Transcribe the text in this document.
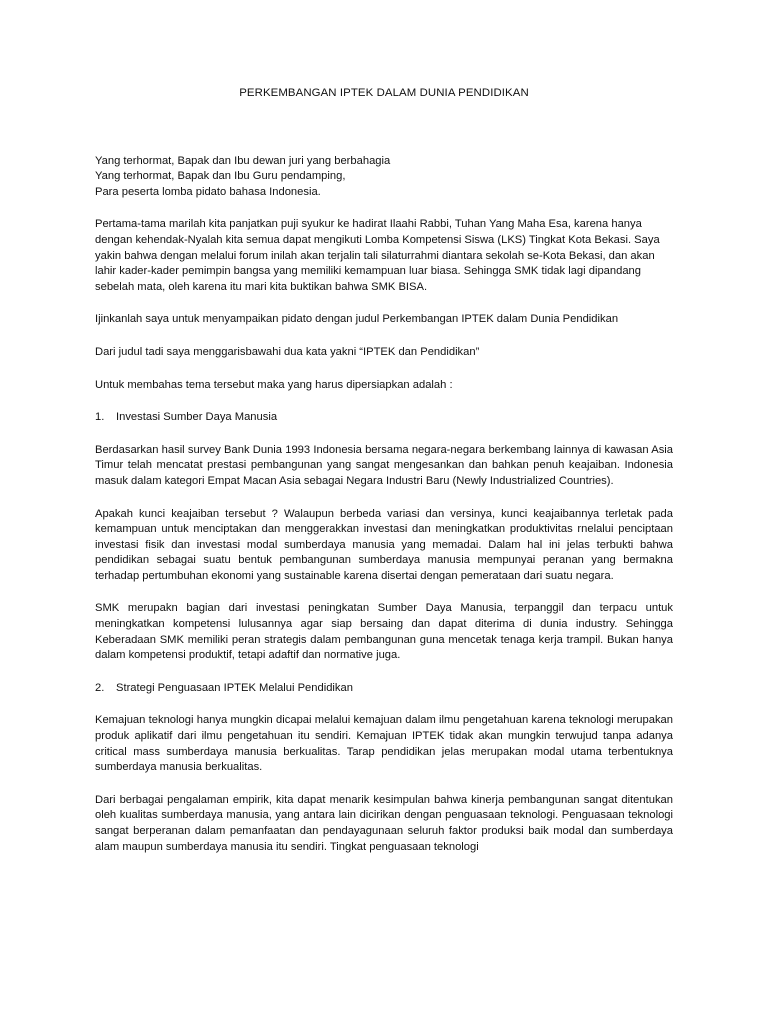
PERKEMBANGAN IPTEK DALAM DUNIA PENDIDIKAN
Yang terhormat, Bapak dan Ibu dewan juri yang berbahagia
Yang terhormat, Bapak dan Ibu Guru pendamping,
Para peserta lomba pidato bahasa Indonesia.

Pertama-tama marilah kita panjatkan puji syukur ke hadirat Ilaahi Rabbi, Tuhan Yang Maha Esa, karena hanya dengan kehendak-Nyalah kita semua dapat mengikuti Lomba Kompetensi Siswa (LKS) Tingkat Kota Bekasi. Saya yakin bahwa dengan melalui forum inilah akan terjalin tali silaturrahmi diantara sekolah se-Kota Bekasi, dan akan lahir kader-kader pemimpin bangsa yang memiliki kemampuan luar biasa. Sehingga SMK tidak lagi dipandang sebelah mata, oleh karena itu mari kita buktikan bahwa SMK BISA.

Ijinkanlah saya untuk menyampaikan pidato dengan judul Perkembangan IPTEK dalam Dunia Pendidikan

Dari judul tadi saya menggarisbawahi dua kata yakni “IPTEK dan Pendidikan”

Untuk membahas tema tersebut maka yang harus dipersiapkan adalah :

1. Investasi Sumber Daya Manusia

Berdasarkan hasil survey Bank Dunia 1993 Indonesia bersama negara-negara berkembang lainnya di kawasan Asia Timur telah mencatat prestasi pembangunan yang sangat mengesankan dan bahkan penuh keajaiban. Indonesia masuk dalam kategori Empat Macan Asia sebagai Negara Industri Baru (Newly Industrialized Countries).

Apakah kunci keajaiban tersebut ? Walaupun berbeda variasi dan versinya, kunci keajaibannya terletak pada kemampuan untuk menciptakan dan menggerakkan investasi dan meningkatkan produktivitas rnelalui penciptaan investasi fisik dan investasi modal sumberdaya manusia yang memadai. Dalam hal ini jelas terbukti bahwa pendidikan sebagai suatu bentuk pembangunan sumberdaya manusia mempunyai peranan yang bermakna terhadap pertumbuhan ekonomi yang sustainable karena disertai dengan pemerataan dari suatu negara.

SMK merupakn bagian dari investasi peningkatan Sumber Daya Manusia, terpanggil dan terpacu untuk meningkatkan kompetensi lulusannya agar siap bersaing dan dapat diterima di dunia industry. Sehingga Keberadaan SMK memiliki peran strategis dalam pembangunan guna mencetak tenaga kerja trampil. Bukan hanya dalam kompetensi produktif, tetapi adaftif dan normative juga.

2. Strategi Penguasaan IPTEK Melalui Pendidikan

Kemajuan teknologi hanya mungkin dicapai melalui kemajuan dalam ilmu pengetahuan karena teknologi merupakan produk aplikatif dari ilmu pengetahuan itu sendiri. Kemajuan IPTEK tidak akan mungkin terwujud tanpa adanya critical mass sumberdaya manusia berkualitas. Tarap pendidikan jelas merupakan modal utama terbentuknya sumberdaya manusia berkualitas.

Dari berbagai pengalaman empirik, kita dapat menarik kesimpulan bahwa kinerja pembangunan sangat ditentukan oleh kualitas sumberdaya manusia, yang antara lain dicirikan dengan penguasaan teknologi. Penguasaan teknologi sangat berperanan dalam pemanfaatan dan pendayagunaan seluruh faktor produksi baik modal dan sumberdaya alam maupun sumberdaya manusia itu sendiri. Tingkat penguasaan teknologi
